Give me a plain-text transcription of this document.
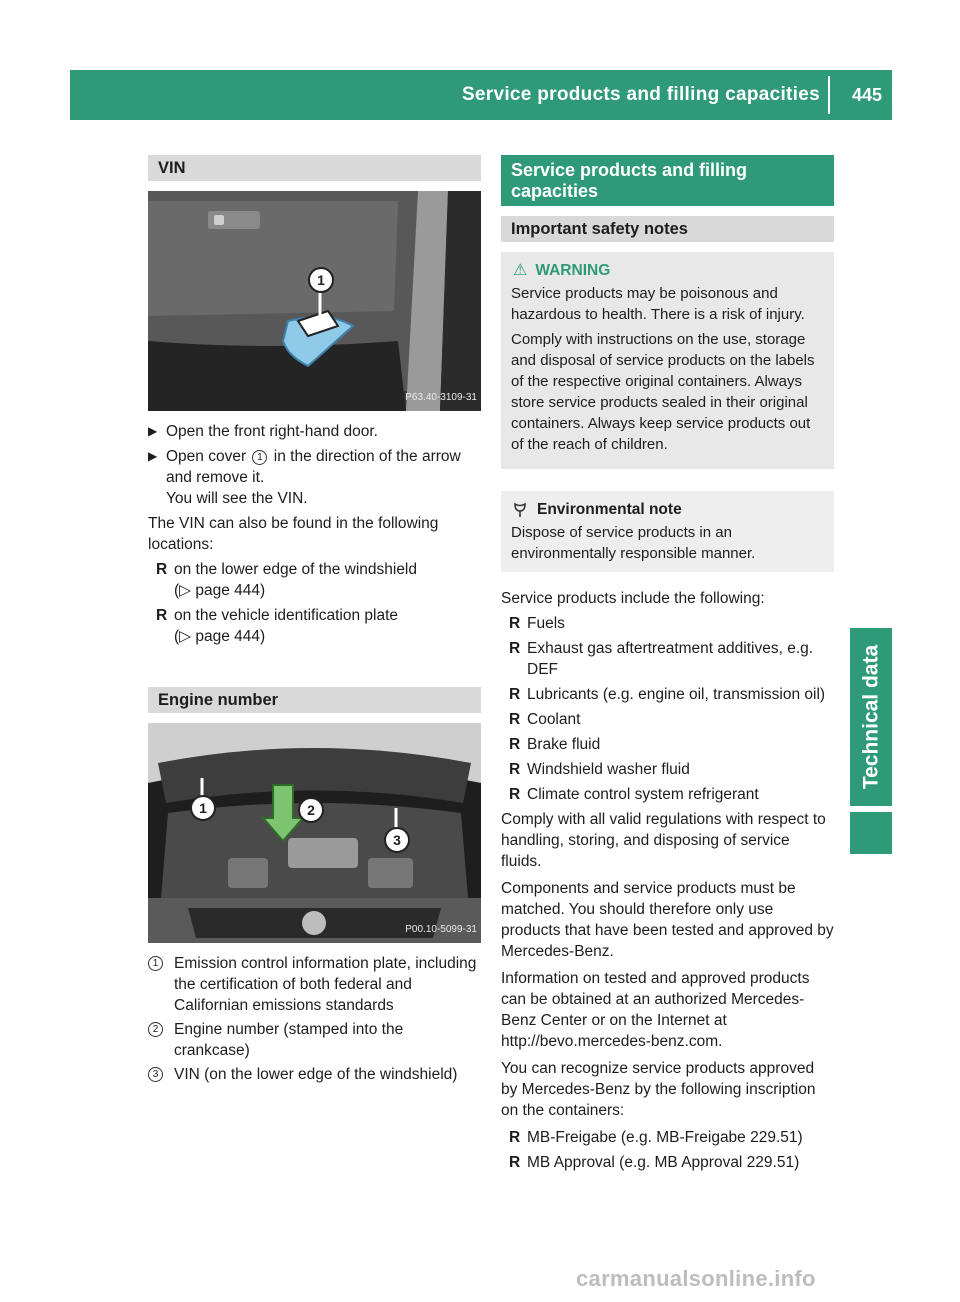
Service products and filling capacities 445
Technical data
VIN
1
P63.40-3109-31

▶ Open the front right-hand door.

▶ Open cover 1 in the direction of the arrow and remove it.
You will see the VIN.

The VIN can also be found in the following locations:

R on the lower edge of the windshield
(▷ page 444)

R on the vehicle identification plate
(▷ page 444)

Engine number
1	2
3
P00.10-5099-31

1	Emission control information plate, including the certification of both federal and Californian emissions standards

2	Engine number (stamped into the crankcase)

3	VIN (on the lower edge of the windshield)

Service products and filling capacities
Important safety notes
⚠ WARNING

Service products may be poisonous and hazardous to health. There is a risk of injury.

Comply with instructions on the use, storage and disposal of service products on the labels of the respective original containers. Always store service products sealed in their original containers. Always keep service products out of the reach of children.

Environmental note

Dispose of service products in an environmentally responsible manner.

Service products include the following:

R Fuels

R Exhaust gas aftertreatment additives, e.g. DEF

R Lubricants (e.g. engine oil, transmission oil)

R Coolant

R Brake fluid

R Windshield washer fluid

R Climate control system refrigerant

Comply with all valid regulations with respect to handling, storing, and disposing of service fluids.

Components and service products must be matched. You should therefore only use products that have been tested and approved by Mercedes-Benz.

Information on tested and approved products can be obtained at an authorized Mercedes-Benz Center or on the Internet at http://bevo.mercedes-benz.com.

You can recognize service products approved by Mercedes-Benz by the following inscription on the containers:

R MB-Freigabe (e.g. MB-Freigabe 229.51)

R MB Approval (e.g. MB Approval 229.51)

carmanualsonline.info
